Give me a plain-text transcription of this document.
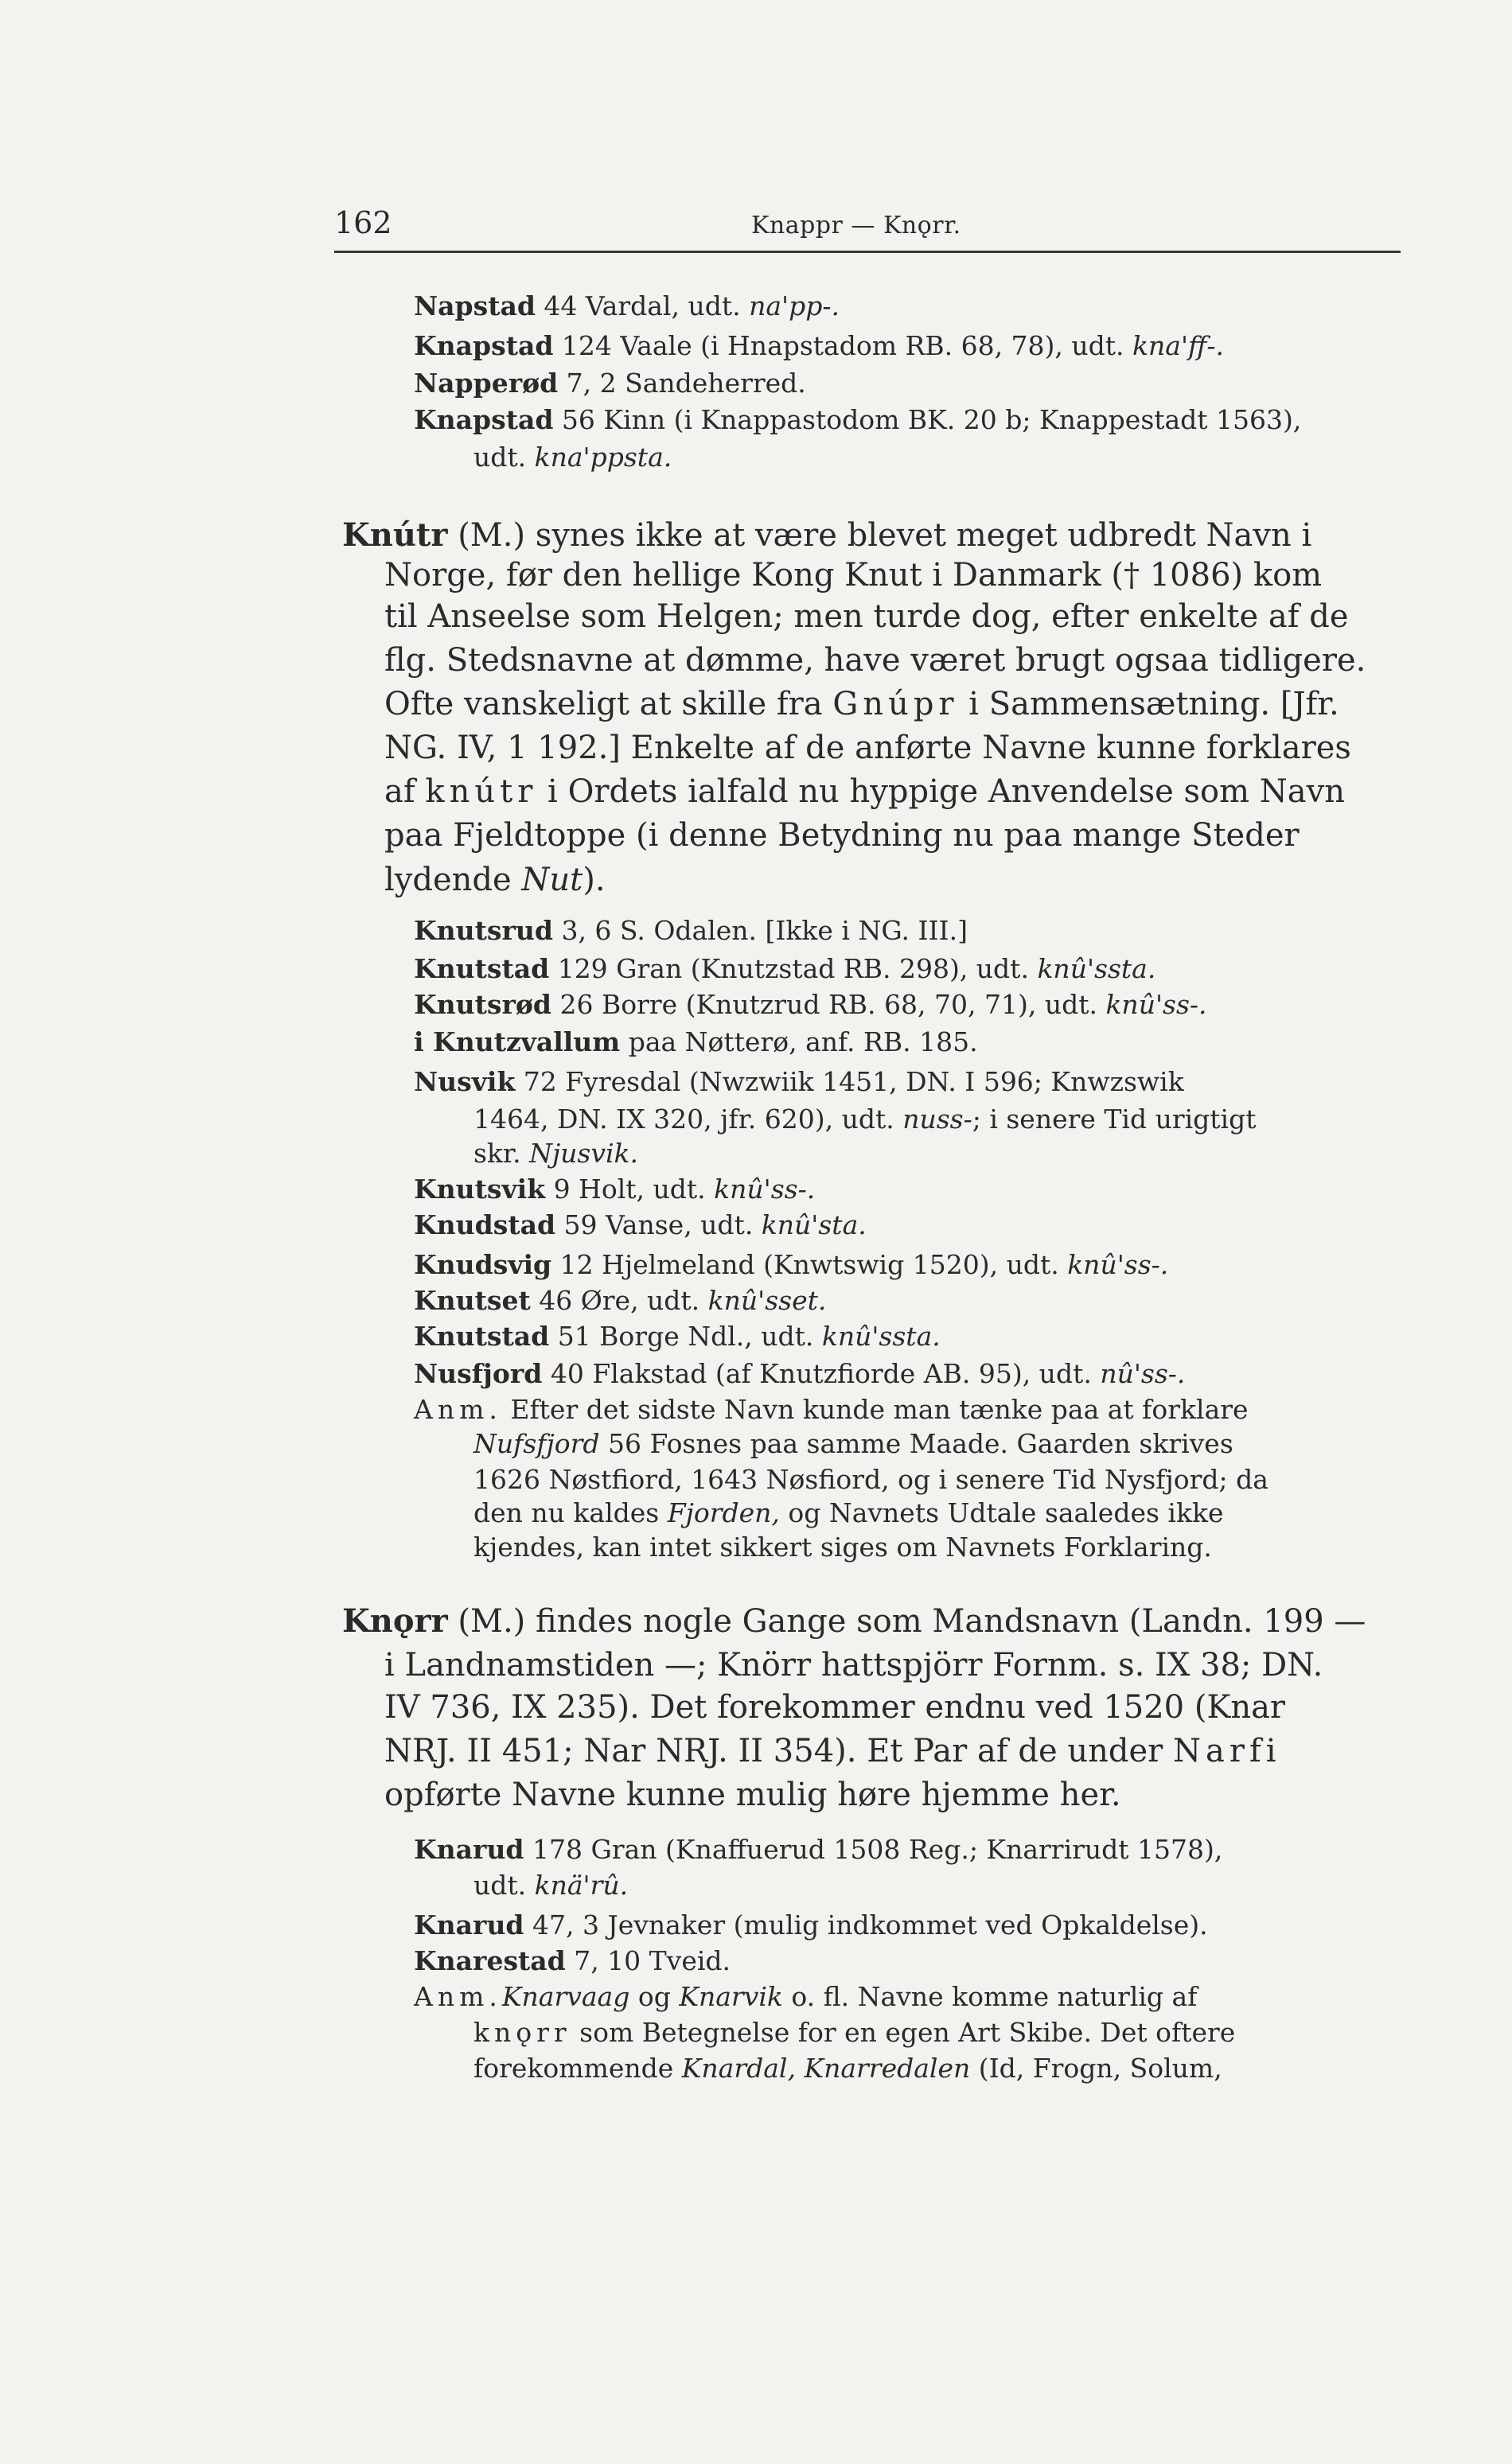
162	Knappr — Knǫrr.
Napstad 44 Vardal, udt. na'pp-.
Knapstad 124 Vaale (i Hnapstadom RB. 68, 78), udt. kna'ff-.
Napperød 7, 2 Sandeherred.
Knapstad 56 Kinn (i Knappastodom BK. 20 b; Knappestadt 1563),
udt. kna'ppsta.
Knútr (M.) synes ikke at være blevet meget udbredt Navn i
Norge, før den hellige Kong Knut i Danmark († 1086) kom
til Anseelse som Helgen; men turde dog, efter enkelte af de
flg. Stedsnavne at dømme, have været brugt ogsaa tidligere.
Ofte vanskeligt at skille fra Gnúpr i Sammensætning. [Jfr.
NG. IV, 1 192.] Enkelte af de anførte Navne kunne forklares
af knútr i Ordets ialfald nu hyppige Anvendelse som Navn
paa Fjeldtoppe (i denne Betydning nu paa mange Steder
lydende Nut).
Knutsrud 3, 6 S. Odalen. [Ikke i NG. III.]
Knutstad 129 Gran (Knutzstad RB. 298), udt. knû'ssta.
Knutsrød 26 Borre (Knutzrud RB. 68, 70, 71), udt. knû'ss-.
i Knutzvallum paa Nøtterø, anf. RB. 185.
Nusvik 72 Fyresdal (Nwzwiik 1451, DN. I 596; Knwzswik
1464, DN. IX 320, jfr. 620), udt. nuss-; i senere Tid urigtigt
skr. Njusvik.
Knutsvik 9 Holt, udt. knû'ss-.
Knudstad 59 Vanse, udt. knû'sta.
Knudsvig 12 Hjelmeland (Knwtswig 1520), udt. knû'ss-.
Knutset 46 Øre, udt. knû'sset.
Knutstad 51 Borge Ndl., udt. knû'ssta.
Nusfjord 40 Flakstad (af Knutzfiorde AB. 95), udt. nû'ss-.
Anm. Efter det sidste Navn kunde man tænke paa at forklare
Nufsfjord 56 Fosnes paa samme Maade. Gaarden skrives
1626 Nøstfiord, 1643 Nøsfiord, og i senere Tid Nysfjord; da
den nu kaldes Fjorden, og Navnets Udtale saaledes ikke
kjendes, kan intet sikkert siges om Navnets Forklaring.
Knǫrr (M.) findes nogle Gange som Mandsnavn (Landn. 199 —
i Landnamstiden —; Knörr hattspjörr Fornm. s. IX 38; DN.
IV 736, IX 235). Det forekommer endnu ved 1520 (Knar
NRJ. II 451; Nar NRJ. II 354). Et Par af de under Narfi
opførte Navne kunne mulig høre hjemme her.
Knarud 178 Gran (Knaffuerud 1508 Reg.; Knarrirudt 1578),
udt. knä'rû.
Knarud 47, 3 Jevnaker (mulig indkommet ved Opkaldelse).
Knarestad 7, 10 Tveid.
Anm.Knarvaag og Knarvik o. fl. Navne komme naturlig af
knǫrr som Betegnelse for en egen Art Skibe. Det oftere
forekommende Knardal, Knarredalen (Id, Frogn, Solum,
